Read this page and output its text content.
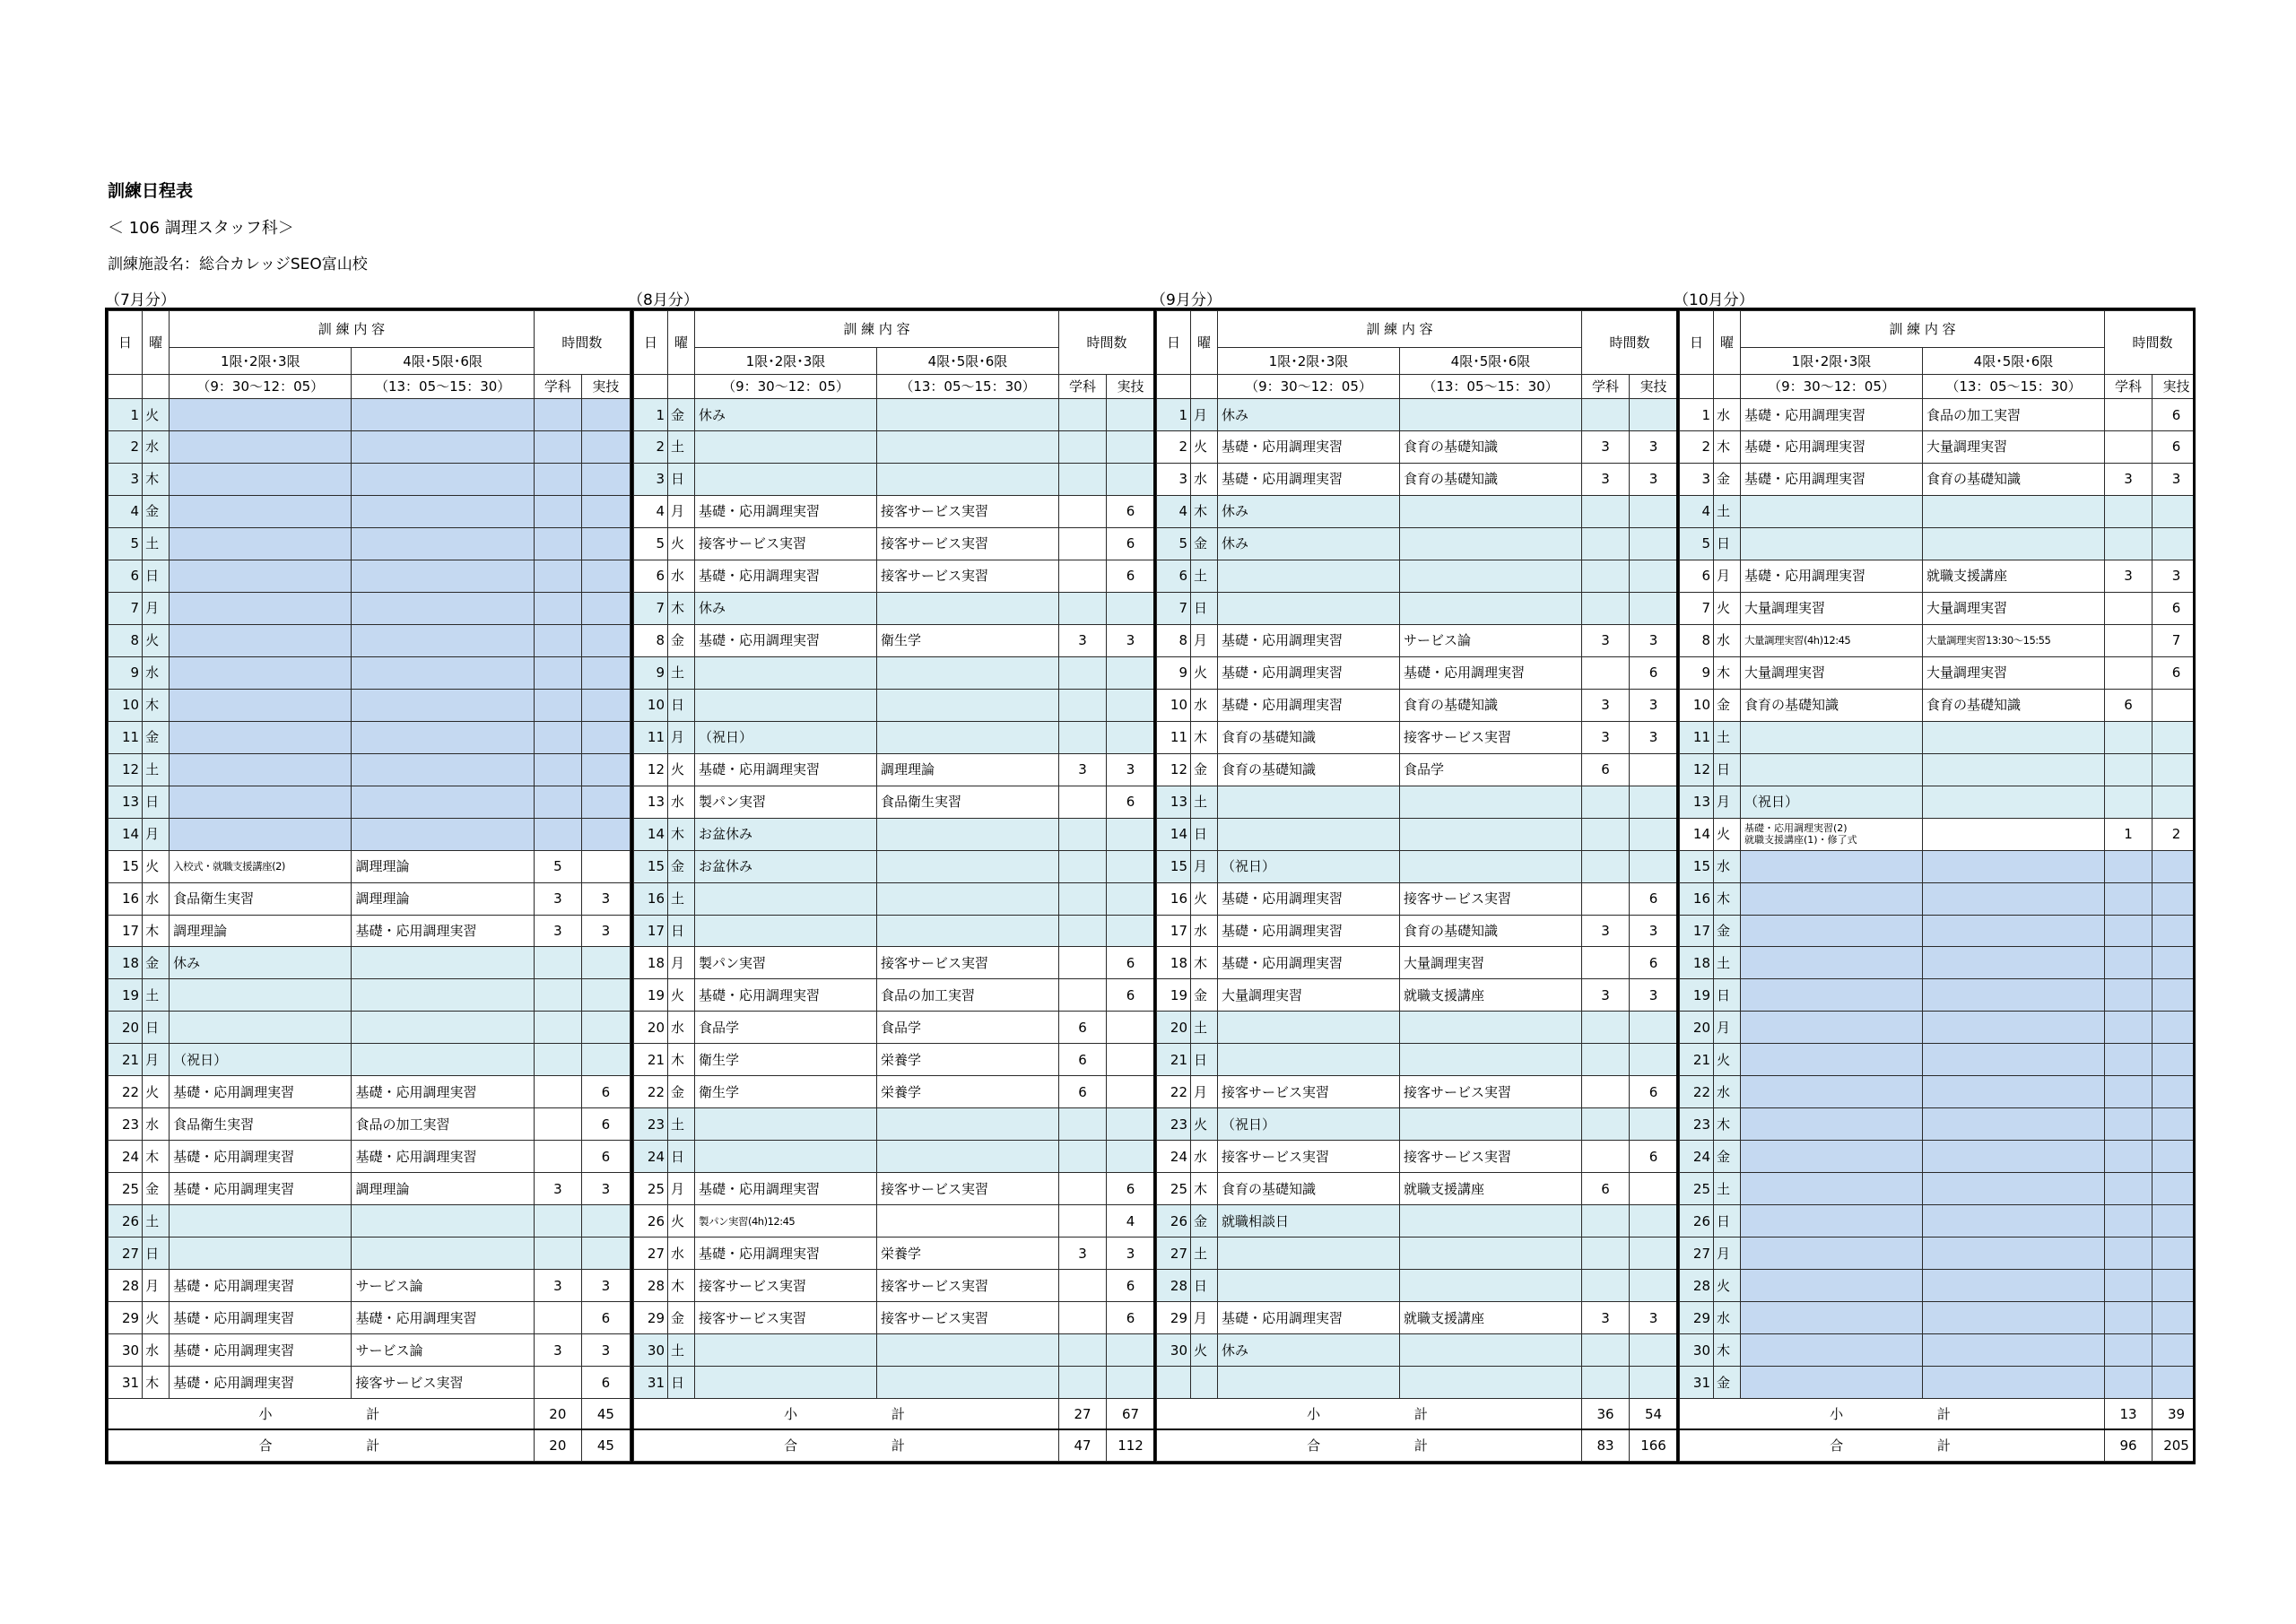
訓練日程表
＜ 106 調理スタッフ科＞
訓練施設名：総合カレッジSEO富山校
（7月分）	（8月分）	（9月分）	（10月分）
日	曜	訓 練 内 容		時間数	
		1限･2限･3限	4限･5限･6限		
		（9：30～12：05）	（13：05～15：30）	学科	実技
1	火				
2	水				
3	木				
4	金				
5	土				
6	日				
7	月				
8	火				
9	水				
10	木				
11	金				
12	土				
13	日				
14	月				
15	火	入校式・就職支援講座(2)	調理理論	5	
16	水	食品衛生実習	調理理論	3	3
17	木	調理理論	基礎・応用調理実習	3	3
18	金	休み			
19	土				
20	日				
21	月	（祝日）			
22	火	基礎・応用調理実習	基礎・応用調理実習		6
23	水	食品衛生実習	食品の加工実習		6
24	木	基礎・応用調理実習	基礎・応用調理実習		6
25	金	基礎・応用調理実習	調理理論	3	3
26	土				
27	日				
28	月	基礎・応用調理実習	サービス論	3	3
29	火	基礎・応用調理実習	基礎・応用調理実習		6
30	水	基礎・応用調理実習	サービス論	3	3
31	木	基礎・応用調理実習	接客サービス実習		6
小 計				20	45
合 計				20	45
日	曜	訓 練 内 容		時間数	
		1限･2限･3限	4限･5限･6限		
		（9：30～12：05）	（13：05～15：30）	学科	実技
1	金	休み			
2	土				
3	日				
4	月	基礎・応用調理実習	接客サービス実習		6
5	火	接客サービス実習	接客サービス実習		6
6	水	基礎・応用調理実習	接客サービス実習		6
7	木	休み			
8	金	基礎・応用調理実習	衛生学	3	3
9	土				
10	日				
11	月	（祝日）			
12	火	基礎・応用調理実習	調理理論	3	3
13	水	製パン実習	食品衛生実習		6
14	木	お盆休み			
15	金	お盆休み			
16	土				
17	日				
18	月	製パン実習	接客サービス実習		6
19	火	基礎・応用調理実習	食品の加工実習		6
20	水	食品学	食品学	6	
21	木	衛生学	栄養学	6	
22	金	衛生学	栄養学	6	
23	土				
24	日				
25	月	基礎・応用調理実習	接客サービス実習		6
26	火	製パン実習(4h)12:45			4
27	水	基礎・応用調理実習	栄養学	3	3
28	木	接客サービス実習	接客サービス実習		6
29	金	接客サービス実習	接客サービス実習		6
30	土				
31	日				
小 計				27	67
合 計				47	112
日	曜	訓 練 内 容		時間数	
		1限･2限･3限	4限･5限･6限		
		（9：30～12：05）	（13：05～15：30）	学科	実技
1	月	休み			
2	火	基礎・応用調理実習	食育の基礎知識	3	3
3	水	基礎・応用調理実習	食育の基礎知識	3	3
4	木	休み			
5	金	休み			
6	土				
7	日				
8	月	基礎・応用調理実習	サービス論	3	3
9	火	基礎・応用調理実習	基礎・応用調理実習		6
10	水	基礎・応用調理実習	食育の基礎知識	3	3
11	木	食育の基礎知識	接客サービス実習	3	3
12	金	食育の基礎知識	食品学	6	
13	土				
14	日				
15	月	（祝日）			
16	火	基礎・応用調理実習	接客サービス実習		6
17	水	基礎・応用調理実習	食育の基礎知識	3	3
18	木	基礎・応用調理実習	大量調理実習		6
19	金	大量調理実習	就職支援講座	3	3
20	土				
21	日				
22	月	接客サービス実習	接客サービス実習		6
23	火	（祝日）			
24	水	接客サービス実習	接客サービス実習		6
25	木	食育の基礎知識	就職支援講座	6	
26	金	就職相談日			
27	土				
28	日				
29	月	基礎・応用調理実習	就職支援講座	3	3
30	火	休み			

小 計				36	54
合 計				83	166
日	曜	訓 練 内 容		時間数	
		1限･2限･3限	4限･5限･6限		
		（9：30～12：05）	（13：05～15：30）	学科	実技
1	水	基礎・応用調理実習	食品の加工実習		6
2	木	基礎・応用調理実習	大量調理実習		6
3	金	基礎・応用調理実習	食育の基礎知識	3	3
4	土				
5	日				
6	月	基礎・応用調理実習	就職支援講座	3	3
7	火	大量調理実習	大量調理実習		6
8	水	大量調理実習(4h)12:45	大量調理実習13:30～15:55		7
9	木	大量調理実習	大量調理実習		6
10	金	食育の基礎知識	食育の基礎知識	6	
11	土				
12	日				
13	月	（祝日）			
14	火	基礎・応用調理実習(2)
就職支援講座(1)・修了式		1	2
15	水				
16	木				
17	金				
18	土				
19	日				
20	月				
21	火				
22	水				
23	木				
24	金				
25	土				
26	日				
27	月				
28	火				
29	水				
30	木				
31	金				
小 計				13	39
合 計				96	205
